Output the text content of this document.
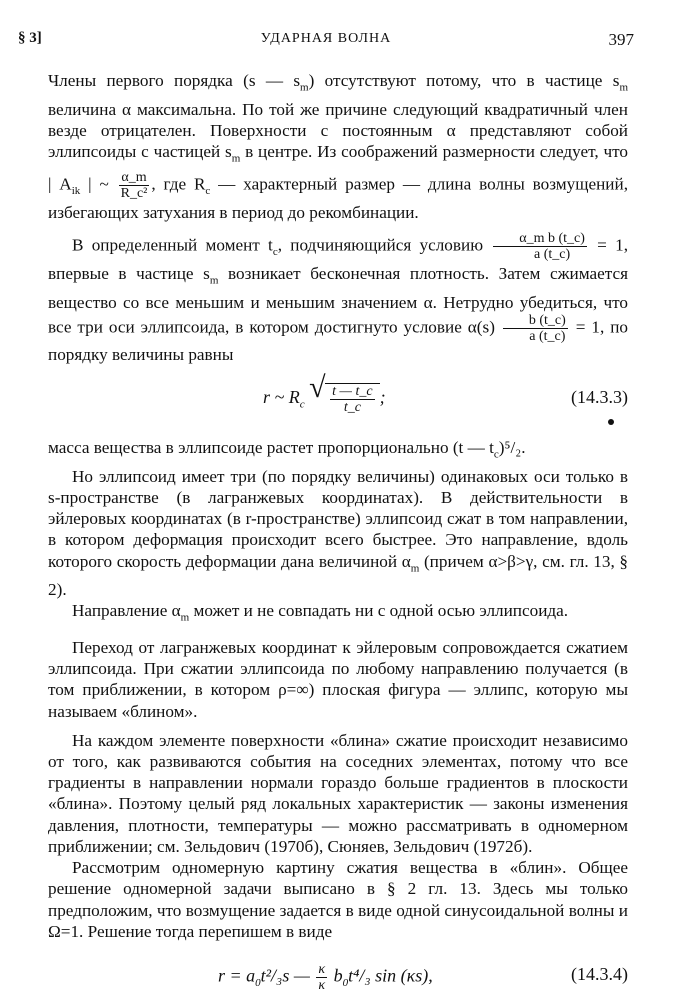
§ 3]	УДАРНАЯ ВОЛНА	397

Члены первого порядка (s — $s_m$) отсутствуют потому, что в частице $s_m$ величина α максимальна. По той же причине следующий квадратичный член везде отрицателен. Поверхности с постоянным α представляют собой эллипсоиды с частицей $s_m$ в центре. Из соображений размерности следует, что | $A_{ik}$ | ~ $\frac{\alpha\_m}{\text{R\_c²}}$ , где $R_c$ — характерный размер — длина волны возмущений, избегающих затухания в период до рекомбинации.

В определенный момент $t_c$, подчиняющийся условию $\frac{\text{α\_m b (t\_c)}}{a (t\_c)} = 1$, впервые в частице $s_m$ возникает бесконечная плотность. Затем сжимается вещество со все меньшим и меньшим значением α. Нетрудно убедиться, что все три оси эллипсоида, в котором достигнуто условие $\alpha(s) \frac{b (t\_c)}{a (t\_c)} = 1$, по порядку величины равны

r ~ $R_c$
√ $\frac{t — t\_c}{t\_c}$ ;	(14.3.3)

масса вещества в эллипсоиде растет пропорционально (t — $t_c)^5/_2$.

Но эллипсоид имеет три (по порядку величины) одинаковых оси только в s-пространстве (в лагранжевых координатах). В действительности в эйлеровых координатах (в r-пространстве) эллипсоид сжат в том направлении, в котором деформация происходит всего быстрее. Это направление, вдоль которого скорость деформации дана величиной $\alpha_m$ (причем α>β>γ, см. гл. 13, § 2).

Направление $\alpha_m$ может и не совпадать ни с одной осью эллипсоида.

Переход от лагранжевых координат к эйлеровым сопровождается сжатием эллипсоида. При сжатии эллипсоида по любому направлению получается (в том приближении, в котором ρ=∞) плоская фигура — эллипс, которую мы называем «блином».

На каждом элементе поверхности «блина» сжатие происходит независимо от того, как развиваются события на соседних элементах, потому что все градиенты в направлении нормали гораздо больше градиентов в плоскости «блина». Поэтому целый ряд локальных характеристик — законы изменения давления, плотности, температуры — можно рассматривать в одномерном приближении; см. Зельдович (1970б), Сюняев, Зельдович (1972б).

Рассмотрим одномерную картину сжатия вещества в «блин». Общее решение одномерной задачи выписано в § 2 гл. 13. Здесь мы только предположим, что возмущение задается в виде одной синусоидальной волны и Ω=1. Решение тогда перепишем в виде

$r = a_0t^2/_3s$ — $\frac{\kappa}{\kappa} b_0t^4/_3$ sin (κs),	(14.3.4)
